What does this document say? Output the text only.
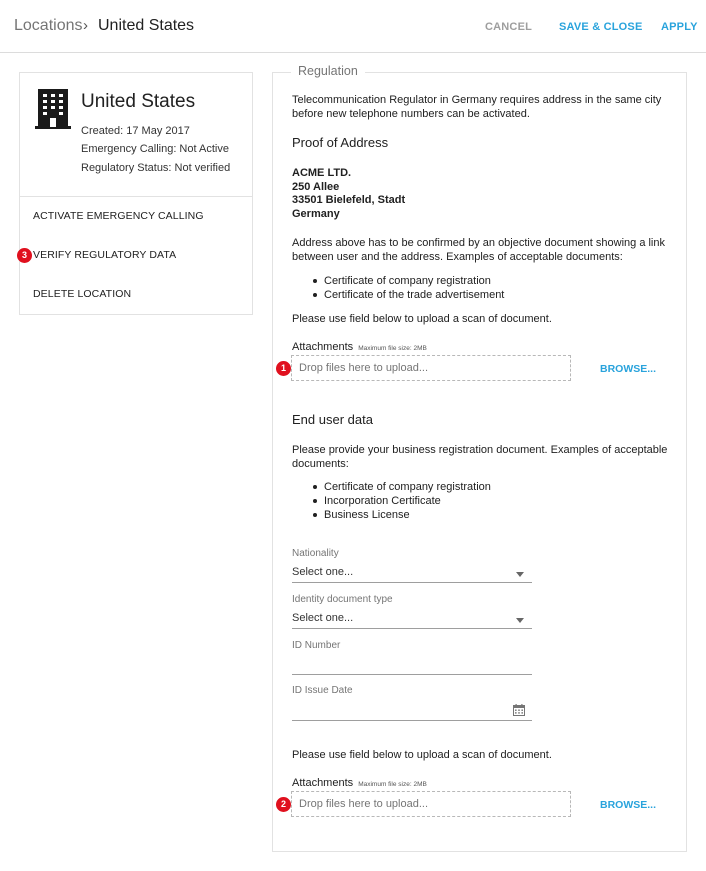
Locations › United States	CANCEL SAVE & CLOSE APPLY
United States
Created: 17 May 2017
Emergency Calling: Not Active
Regulatory Status: Not verified
ACTIVATE EMERGENCY CALLING
VERIFY REGULATORY DATA
DELETE LOCATION
3
1
2
Regulation
Telecommunication Regulator in Germany requires address in the same city
before new telephone numbers can be activated.
Proof of Address
ACME LTD.
250 Allee
33501 Bielefeld, Stadt
Germany
Address above has to be confirmed by an objective document showing a link
between user and the address. Examples of acceptable documents:
Certificate of company registration
Certificate of the trade advertisement
Please use field below to upload a scan of document.
Attachments Maximum file size: 2MB
Drop files here to upload...	BROWSE...
End user data
Please provide your business registration document. Examples of acceptable
documents:
Certificate of company registration
Incorporation Certificate
Business License
Nationality
Select one...
Identity document type
Select one...
ID Number
ID Issue Date
Please use field below to upload a scan of document.
Attachments Maximum file size: 2MB
Drop files here to upload...	BROWSE...
